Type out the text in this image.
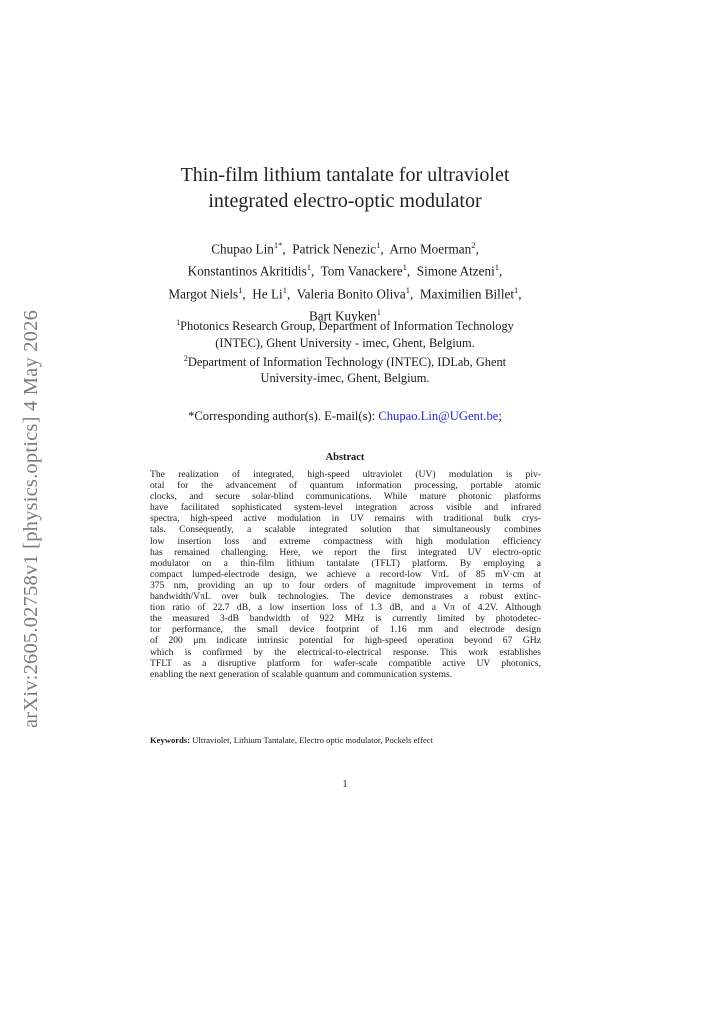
arXiv:2605.02758v1 [physics.optics] 4 May 2026
Thin-film lithium tantalate for ultraviolet
integrated electro-optic modulator
Chupao Lin$^{1*}$,  Patrick Nenezic$^1$,  Arno Moerman$^2$,
Konstantinos Akritidis$^1$,  Tom Vanackere$^1$,  Simone Atzeni$^1$,
Margot Niels$^1$,  He Li$^1$,  Valeria Bonito Oliva$^1$,  Maximilien Billet$^1$,
Bart Kuyken$^1$
$^1$Photonics Research Group, Department of Information Technology
(INTEC), Ghent University - imec, Ghent, Belgium.
$^2$Department of Information Technology (INTEC), IDLab, Ghent
University-imec, Ghent, Belgium.
*Corresponding author(s). E-mail(s): Chupao.Lin@UGent.be;
Abstract
The realization of integrated, high-speed ultraviolet (UV) modulation is piv-
otal for the advancement of quantum information processing, portable atomic
clocks, and secure solar-blind communications. While mature photonic platforms
have facilitated sophisticated system-level integration across visible and infrared
spectra, high-speed active modulation in UV remains with traditional bulk crys-
tals. Consequently, a scalable integrated solution that simultaneously combines
low insertion loss and extreme compactness with high modulation efficiency
has remained challenging. Here, we report the first integrated UV electro-optic
modulator on a thin-film lithium tantalate (TFLT) platform. By employing a
compact lumped-electrode design, we achieve a record-low VπL of 85 mV·cm at
375 nm, providing an up to four orders of magnitude improvement in terms of
bandwidth/VπL over bulk technologies. The device demonstrates a robust extinc-
tion ratio of 22.7 dB, a low insertion loss of 1.3 dB, and a Vπ of 4.2V. Although
the measured 3-dB bandwidth of 922 MHz is currently limited by photodetec-
tor performance, the small device footprint of 1.16 mm and electrode design
of 200 μm indicate intrinsic potential for high-speed operation beyond 67 GHz
which is confirmed by the electrical-to-electrical response. This work establishes
TFLT as a disruptive platform for wafer-scale compatible active UV photonics,
enabling the next generation of scalable quantum and communication systems.
Keywords: Ultraviolet, Lithium Tantalate, Electro optic modulator, Pockels effect
1
